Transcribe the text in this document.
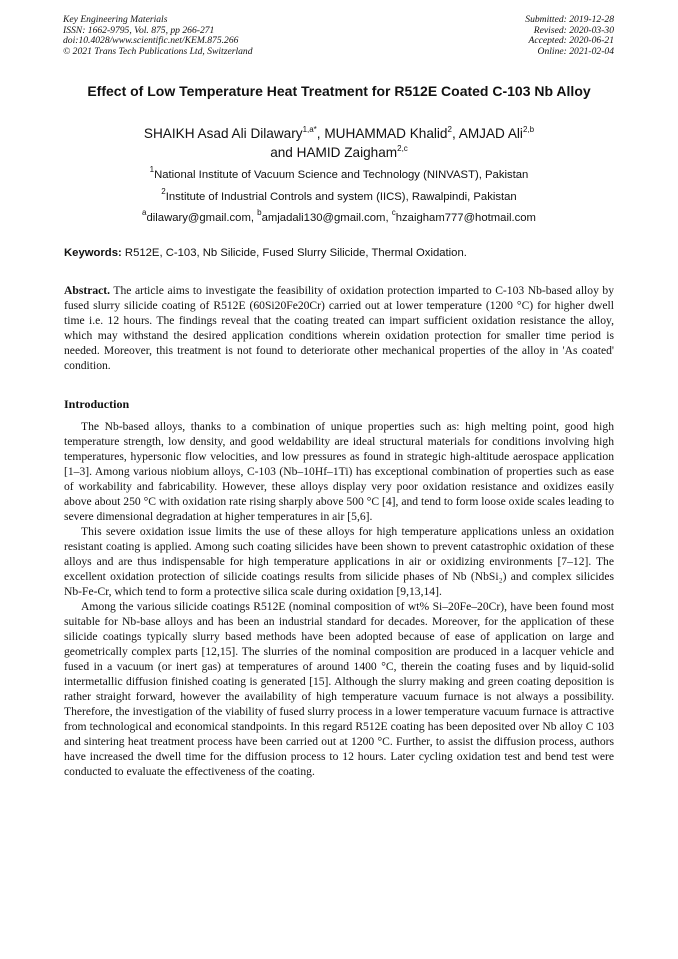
Key Engineering Materials
ISSN: 1662-9795, Vol. 875, pp 266-271
doi:10.4028/www.scientific.net/KEM.875.266
© 2021 Trans Tech Publications Ltd, Switzerland
Submitted: 2019-12-28
Revised: 2020-03-30
Accepted: 2020-06-21
Online: 2021-02-04
Effect of Low Temperature Heat Treatment for R512E Coated C-103 Nb Alloy
SHAIKH Asad Ali Dilawary$^{1,a*}$, MUHAMMAD Khalid$^2$, AMJAD Ali$^{2,b}$
and HAMID Zaigham$^{2,c}$
$^1$National Institute of Vacuum Science and Technology (NINVAST), Pakistan
$^2$Institute of Industrial Controls and system (IICS), Rawalpindi, Pakistan
$^a$dilawary@gmail.com, $^b$amjadali130@gmail.com, $^c$hzaigham777@hotmail.com
Keywords: R512E, C-103, Nb Silicide, Fused Slurry Silicide, Thermal Oxidation.
Abstract. The article aims to investigate the feasibility of oxidation protection imparted to C-103 Nb-based alloy by fused slurry silicide coating of R512E (60Si20Fe20Cr) carried out at lower temperature (1200 °C) for higher dwell time i.e. 12 hours. The findings reveal that the coating treated can impart sufficient oxidation resistance the alloy, which may withstand the desired application conditions wherein oxidation protection for smaller time period is needed. Moreover, this treatment is not found to deteriorate other mechanical properties of the alloy in 'As coated' condition.
Introduction

The Nb-based alloys, thanks to a combination of unique properties such as: high melting point, good high temperature strength, low density, and good weldability are ideal structural materials for conditions involving high temperatures, hypersonic flow velocities, and low pressures as found in strategic high-altitude aerospace application [1–3]. Among various niobium alloys, C-103 (Nb–10Hf–1Ti) has exceptional combination of properties such as ease of workability and fabricability. However, these alloys display very poor oxidation resistance and oxidizes easily above about 250 °C with oxidation rate rising sharply above 500 °C [4], and tend to form loose oxide scales leading to severe dimensional degradation at higher temperatures in air [5,6].

This severe oxidation issue limits the use of these alloys for high temperature applications unless an oxidation resistant coating is applied. Among such coating silicides have been shown to prevent catastrophic oxidation of these alloys and are thus indispensable for high temperature applications in air or oxidizing environments [7–12]. The excellent oxidation protection of silicide coatings results from silicide phases of Nb (NbSi₂) and complex silicides Nb-Fe-Cr, which tend to form a protective silica scale during oxidation [9,13,14].

Among the various silicide coatings R512E (nominal composition of wt% Si–20Fe–20Cr), have been found most suitable for Nb-base alloys and has been an industrial standard for decades. Moreover, for the application of these silicide coatings typically slurry based methods have been adopted because of ease of application on large and geometrically complex parts [12,15]. The slurries of the nominal composition are produced in a lacquer vehicle and fused in a vacuum (or inert gas) at temperatures of around 1400 °C, therein the coating fuses and by liquid-solid intermetallic diffusion finished coating is generated [15]. Although the slurry making and green coating deposition is rather straight forward, however the availability of high temperature vacuum furnace is not always a possibility. Therefore, the investigation of the viability of fused slurry process in a lower temperature vacuum furnace is attractive from technological and economical standpoints. In this regard R512E coating has been deposited over Nb alloy C 103 and sintering heat treatment process have been carried out at 1200 °C. Further, to assist the diffusion process, authors have increased the dwell time for the diffusion process to 12 hours. Later cycling oxidation test and bend test were conducted to evaluate the effectiveness of the coating.
